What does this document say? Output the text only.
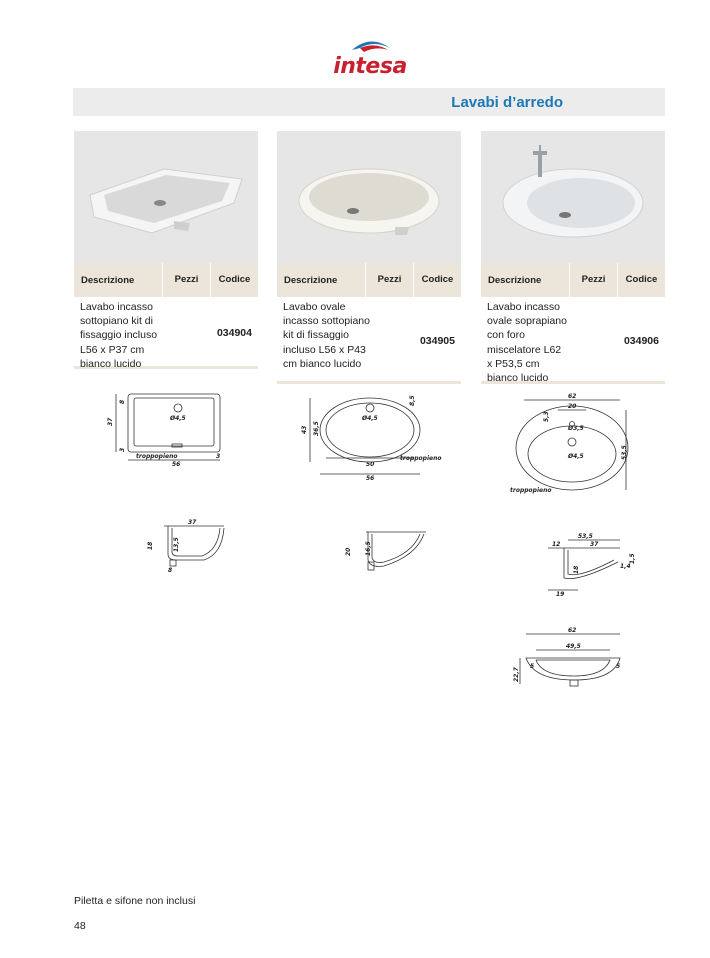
intesa
Lavabi d’arredo
Descrizione	Pezzi	Codice
Lavabo incasso sottopiano kit di fissaggio incluso L56 x P37 cm bianco lucido
034904
Descrizione	Pezzi	Codice
Lavabo ovale incasso sottopiano kit di fissaggio incluso L56 x P43 cm bianco lucido
034905
Descrizione	Pezzi	Codice
Lavabo incasso ovale soprapiano con foro miscelatore L62 x P53,5 cm bianco lucido
034906
37
8
Ø4,5
3
troppopieno
56
3
37
18	13,5
8
43 36,5
Ø4,5
8,5
50
56
troppopieno
20 16,5
62
20
5,3
Ø3,5
Ø4,5	53,5
troppopieno
53,5
12	37
1,5
18	1,4
19
62
49,5
22,7
5	5
Piletta e sifone non inclusi
48
